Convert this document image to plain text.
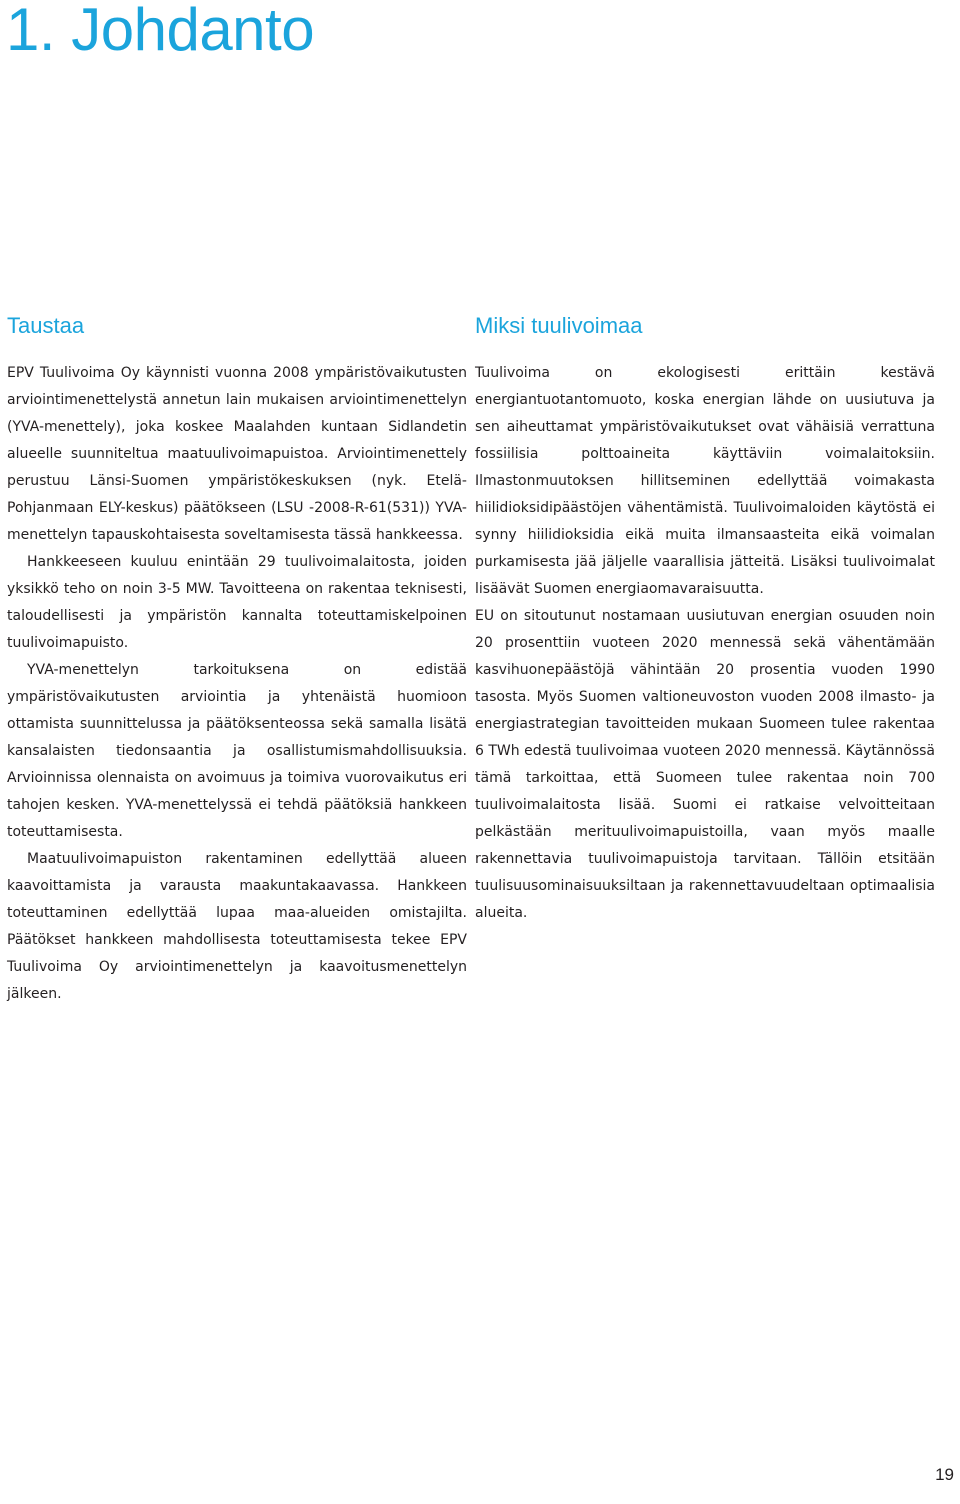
1. Johdanto
Taustaa

EPV Tuulivoima Oy käynnisti vuonna 2008 ympäristövaikutusten arviointimenettelystä annetun lain mukaisen arviointimenettelyn (YVA-menettely), joka koskee Maalahden kuntaan Sidlandetin alueelle suunniteltua maatuulivoimapuistoa. Arviointimenettely perustuu Länsi-Suomen ympäristökeskuksen (nyk. Etelä-Pohjanmaan ELY-keskus) päätökseen (LSU -2008-R-61(531)) YVA-menettelyn tapauskohtaisesta soveltamisesta tässä hankkeessa.

Hankkeeseen kuuluu enintään 29 tuulivoimalaitosta, joiden yksikkö teho on noin 3-5 MW. Tavoitteena on rakentaa teknisesti, taloudellisesti ja ympäristön kannalta toteuttamiskelpoinen tuulivoimapuisto.

YVA-menettelyn tarkoituksena on edistää ympäristövaikutusten arviointia ja yhtenäistä huomioon ottamista suunnittelussa ja päätöksenteossa sekä samalla lisätä kansalaisten tiedonsaantia ja osallistumismahdollisuuksia. Arvioinnissa olennaista on avoimuus ja toimiva vuorovaikutus eri tahojen kesken. YVA-menettelyssä ei tehdä päätöksiä hankkeen toteuttamisesta.

Maatuulivoimapuiston rakentaminen edellyttää alueen kaavoittamista ja varausta maakuntakaavassa. Hankkeen toteuttaminen edellyttää lupaa maa-alueiden omistajilta. Päätökset hankkeen mahdollisesta toteuttamisesta tekee EPV Tuulivoima Oy arviointimenettelyn ja kaavoitusmenettelyn jälkeen.

Miksi tuulivoimaa

Tuulivoima on ekologisesti erittäin kestävä energiantuotantomuoto, koska energian lähde on uusiutuva ja sen aiheuttamat ympäristövaikutukset ovat vähäisiä verrattuna fossiilisia polttoaineita käyttäviin voimalaitoksiin. Ilmastonmuutoksen hillitseminen edellyttää voimakasta hiilidioksidipäästöjen vähentämistä. Tuulivoimaloiden käytöstä ei synny hiilidioksidia eikä muita ilmansaasteita eikä voimalan purkamisesta jää jäljelle vaarallisia jätteitä. Lisäksi tuulivoimalat lisäävät Suomen energiaomavaraisuutta.

EU on sitoutunut nostamaan uusiutuvan energian osuuden noin 20 prosenttiin vuoteen 2020 mennessä sekä vähentämään kasvihuonepäästöjä vähintään 20 prosentia vuoden 1990 tasosta. Myös Suomen valtioneuvoston vuoden 2008 ilmasto- ja energiastrategian tavoitteiden mukaan Suomeen tulee rakentaa 6 TWh edestä tuulivoimaa vuoteen 2020 mennessä. Käytännössä tämä tarkoittaa, että Suomeen tulee rakentaa noin 700 tuulivoimalaitosta lisää. Suomi ei ratkaise velvoitteitaan pelkästään merituulivoimapuistoilla, vaan myös maalle rakennettavia tuulivoimapuistoja tarvitaan. Tällöin etsitään tuulisuusominaisuuksiltaan ja rakennettavuudeltaan optimaalisia alueita.

19
